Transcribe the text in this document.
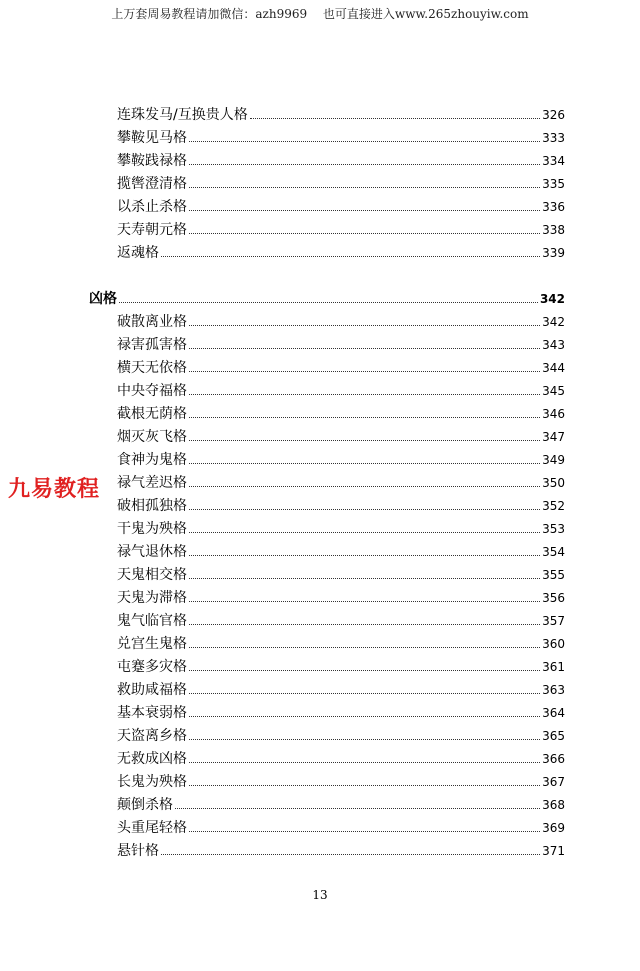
上万套周易教程请加微信：azh9969　 也可直接进入www.265zhouyiw.com
连珠发马/互换贵人格	326
攀鞍见马格	333
攀鞍践禄格	334
揽辔澄清格	335
以杀止杀格	336
天寿朝元格	338
返魂格	339
凶格	342
破散离业格	342
禄害孤害格	343
横天无依格	344
中央夺福格	345
截根无荫格	346
烟灭灰飞格	347
食神为鬼格	349
禄气差迟格	350
破相孤独格	352
干鬼为殃格	353
禄气退休格	354
天鬼相交格	355
天鬼为滞格	356
鬼气临官格	357
兑宫生鬼格	360
屯蹇多灾格	361
救助咸福格	363
基本衰弱格	364
天盗离乡格	365
无救成凶格	366
长鬼为殃格	367
颠倒杀格	368
头重尾轻格	369
悬针格	371
九易教程
13
